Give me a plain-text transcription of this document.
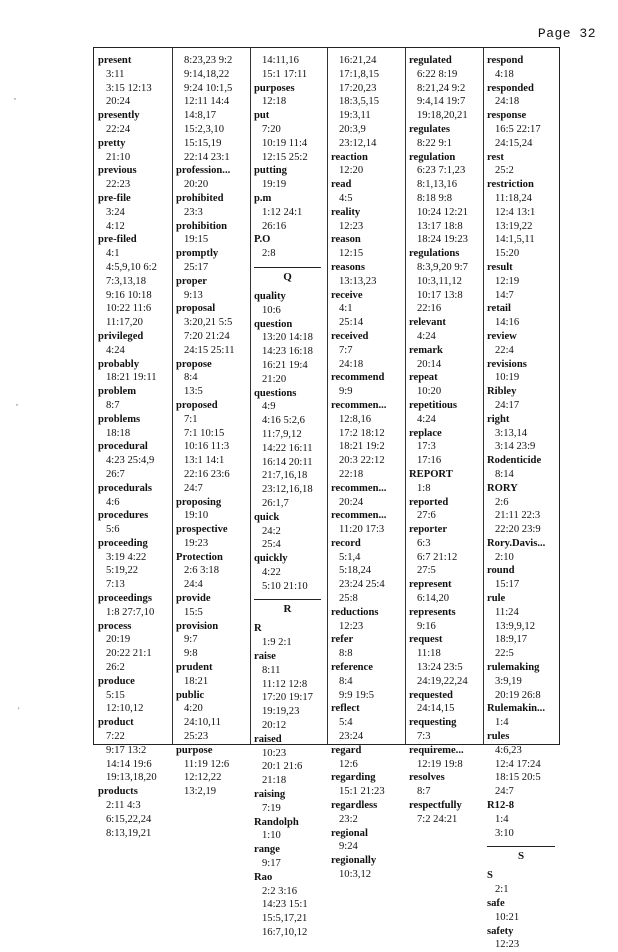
Page 32
,
,
'

present
3:11
3:15 12:13
20:24

presently
22:24

pretty
21:10

previous
22:23

pre-file
3:24
4:12

pre-filed
4:1
4:5,9,10 6:2
7:3,13,18
9:16 10:18
10:22 11:6
11:17,20

privileged
4:24

probably
18:21 19:11

problem
8:7

problems
18:18

procedural
4:23 25:4,9
26:7

procedurals
4:6

procedures
5:6

proceeding
3:19 4:22
5:19,22
7:13

proceedings
1:8 27:7,10

process
20:19
20:22 21:1
26:2

produce
5:15
12:10,12

product
7:22
9:17 13:2
14:14 19:6
19:13,18,20

products
2:11 4:3
6:15,22,24
8:13,19,21

8:23,23 9:2
9:14,18,22
9:24 10:1,5
12:11 14:4
14:8,17
15:2,3,10
15:15,19
22:14 23:1

profession...
20:20

prohibited
23:3

prohibition
19:15

promptly
25:17

proper
9:13

proposal
3:20,21 5:5
7:20 21:24
24:15 25:11

propose
8:4
13:5

proposed
7:1
7:1 10:15
10:16 11:3
13:1 14:1
22:16 23:6
24:7

proposing
19:10

prospective
19:23

Protection
2:6 3:18
24:4

provide
15:5

provision
9:7
9:8

prudent
18:21

public
4:20
24:10,11
25:23

purpose
11:19 12:6
12:12,22
13:2,19

14:11,16
15:1 17:11

purposes
12:18

put
7:20
10:19 11:4
12:15 25:2

putting
19:19

p.m
1:12 24:1
26:16

P.O
2:8

Q

quality
10:6

question
13:20 14:18
14:23 16:18
16:21 19:4
21:20

questions
4:9
4:16 5:2,6
11:7,9,12
14:22 16:11
16:14 20:11
21:7,16,18
23:12,16,18
26:1,7

quick
24:2
25:4

quickly
4:22
5:10 21:10

R

R
1:9 2:1

raise
8:11
11:12 12:8
17:20 19:17
19:19,23
20:12

raised
10:23
20:1 21:6
21:18

raising
7:19

Randolph
1:10

range
9:17

Rao
2:2 3:16
14:23 15:1
15:5,17,21
16:7,10,12

16:21,24
17:1,8,15
17:20,23
18:3,5,15
19:3,11
20:3,9
23:12,14

reaction
12:20

read
4:5

reality
12:23

reason
12:15

reasons
13:13,23

receive
4:1
25:14

received
7:7
24:18

recommend
9:9

recommen...
12:8,16
17:2 18:12
18:21 19:2
20:3 22:12
22:18

recommen...
20:24

recommen...
11:20 17:3

record
5:1,4
5:18,24
23:24 25:4
25:8

reductions
12:23

refer
8:8

reference
8:4
9:9 19:5

reflect
5:4
23:24

regard
12:6

regarding
15:1 21:23

regardless
23:2

regional
9:24

regionally
10:3,12

regulated
6:22 8:19
8:21,24 9:2
9:4,14 19:7
19:18,20,21

regulates
8:22 9:1

regulation
6:23 7:1,23
8:1,13,16
8:18 9:8
10:24 12:21
13:17 18:8
18:24 19:23

regulations
8:3,9,20 9:7
10:3,11,12
10:17 13:8
22:16

relevant
4:24

remark
20:14

repeat
10:20

repetitious
4:24

replace
17:3
17:16

REPORT
1:8

reported
27:6

reporter
6:3
6:7 21:12
27:5

represent
6:14,20

represents
9:16

request
11:18
13:24 23:5
24:19,22,24

requested
24:14,15

requesting
7:3

requireme...
12:19 19:8

resolves
8:7

respectfully
7:2 24:21

respond
4:18

responded
24:18

response
16:5 22:17
24:15,24

rest
25:2

restriction
11:18,24
12:4 13:1
13:19,22
14:1,5,11
15:20

result
12:19
14:7

retail
14:16

review
22:4

revisions
10:19

Ribley
24:17

right
3:13,14
3:14 23:9

Rodenticide
8:14

RORY
2:6
21:11 22:3
22:20 23:9

Rory.Davis...
2:10

round
15:17

rule
11:24
13:9,9,12
18:9,17
22:5

rulemaking
3:9,19
20:19 26:8

Rulemakin...
1:4

rules
4:6,23
12:4 17:24
18:15 20:5
24:7

R12-8
1:4
3:10

S

S
2:1

safe
10:21

safety
12:23
